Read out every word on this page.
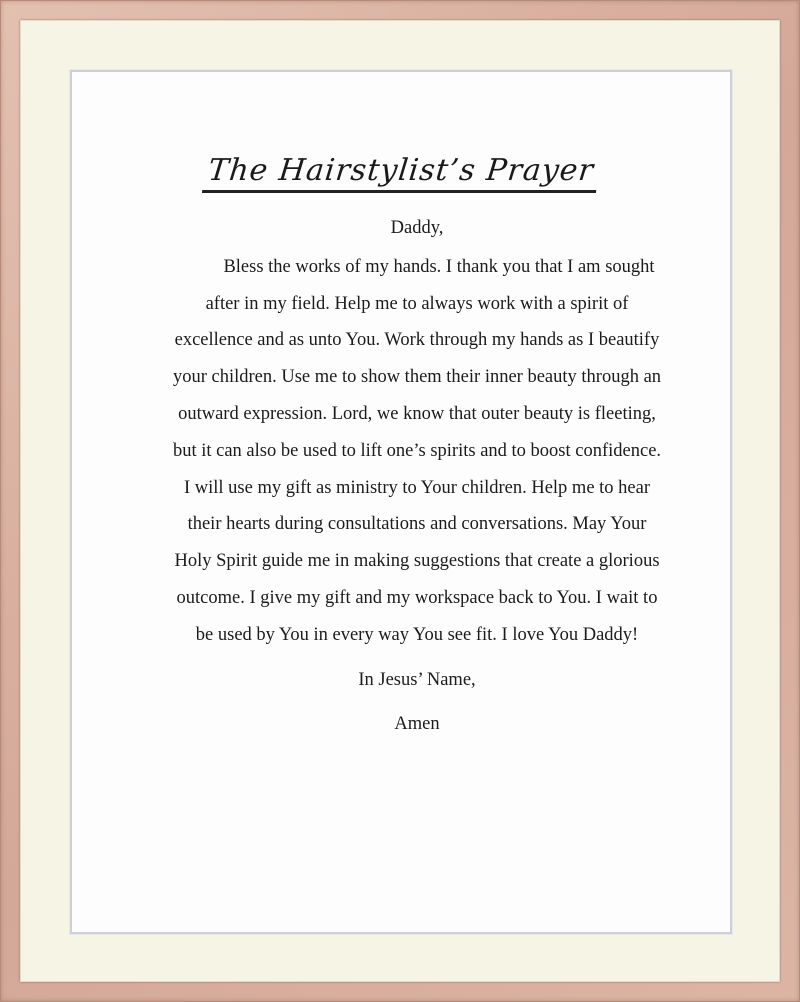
The Hairstylist’s Prayer

Daddy,

Bless the works of my hands. I thank you that I am sought after in my field. Help me to always work with a spirit of excellence and as unto You. Work through my hands as I beautify your children. Use me to show them their inner beauty through an outward expression. Lord, we know that outer beauty is fleeting, but it can also be used to lift one’s spirits and to boost confidence. I will use my gift as ministry to Your children. Help me to hear their hearts during consultations and conversations. May Your Holy Spirit guide me in making suggestions that create a glorious outcome. I give my gift and my workspace back to You. I wait to be used by You in every way You see fit. I love You Daddy!

In Jesus’ Name,

Amen
